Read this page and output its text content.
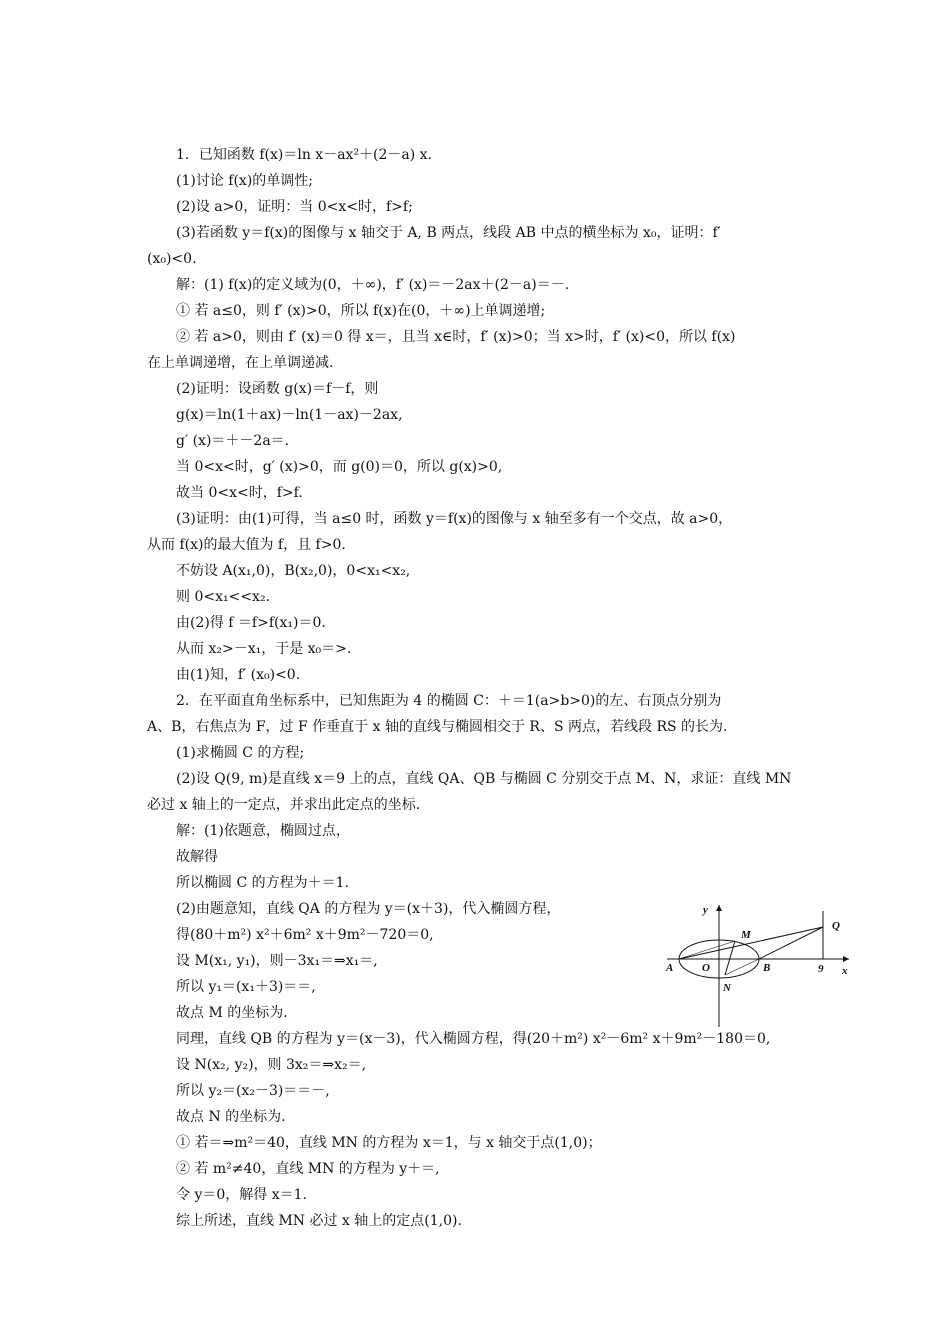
1．已知函数 f(x)＝ln x－ax²＋(2－a) x.
(1)讨论 f(x)的单调性;
(2)设 a>0，证明：当 0<x<时，f>f;
(3)若函数 y＝f(x)的图像与 x 轴交于 A, B 两点，线段 AB 中点的横坐标为 x₀，证明：f′
(x₀)<0.
解：(1) f(x)的定义域为(0，＋∞)，f′ (x)＝－2ax＋(2－a)＝－.
① 若 a≤0，则 f′ (x)>0，所以 f(x)在(0，＋∞)上单调递增;
② 若 a>0，则由 f′ (x)＝0 得 x＝，且当 x∈时，f′ (x)>0；当 x>时，f′ (x)<0，所以 f(x)
在上单调递增，在上单调递减.
(2)证明：设函数 g(x)＝f－f，则
g(x)＝ln(1＋ax)－ln(1－ax)－2ax,
g′ (x)＝＋－2a＝.
当 0<x<时，g′ (x)>0，而 g(0)＝0，所以 g(x)>0,
故当 0<x<时，f>f.
(3)证明：由(1)可得，当 a≤0 时，函数 y＝f(x)的图像与 x 轴至多有一个交点，故 a>0，
从而 f(x)的最大值为 f，且 f>0.
不妨设 A(x₁,0)，B(x₂,0)，0<x₁<x₂,
则 0<x₁<<x₂.
由(2)得 f ＝f>f(x₁)＝0.
从而 x₂>－x₁，于是 x₀＝>.
由(1)知，f′ (x₀)<0.
2．在平面直角坐标系中，已知焦距为 4 的椭圆 C：＋＝1(a>b>0)的左、右顶点分别为
A、B，右焦点为 F，过 F 作垂直于 x 轴的直线与椭圆相交于 R、S 两点，若线段 RS 的长为.
(1)求椭圆 C 的方程;
(2)设 Q(9, m)是直线 x＝9 上的点，直线 QA、QB 与椭圆 C 分别交于点 M、N，求证：直线 MN
必过 x 轴上的一定点，并求出此定点的坐标.
解：(1)依题意，椭圆过点，
故解得
所以椭圆 C 的方程为＋＝1.
(2)由题意知，直线 QA 的方程为 y＝(x＋3)，代入椭圆方程，
得(80＋m²) x²＋6m² x＋9m²－720＝0,
设 M(x₁, y₁)，则－3x₁＝⇒x₁＝,
所以 y₁＝(x₁＋3)＝＝,
故点 M 的坐标为.
同理，直线 QB 的方程为 y＝(x－3)，代入椭圆方程，得(20＋m²) x²－6m² x＋9m²－180＝0,
设 N(x₂, y₂)，则 3x₂＝⇒x₂＝,
所以 y₂＝(x₂－3)＝＝－,
故点 N 的坐标为.
① 若＝⇒m²＝40，直线 MN 的方程为 x＝1，与 x 轴交于点(1,0)；
② 若 m²≠40，直线 MN 的方程为 y＋＝,
令 y＝0，解得 x＝1.
综上所述，直线 MN 必过 x 轴上的定点(1,0).
y
x
A	O	B
M
N
Q
9
